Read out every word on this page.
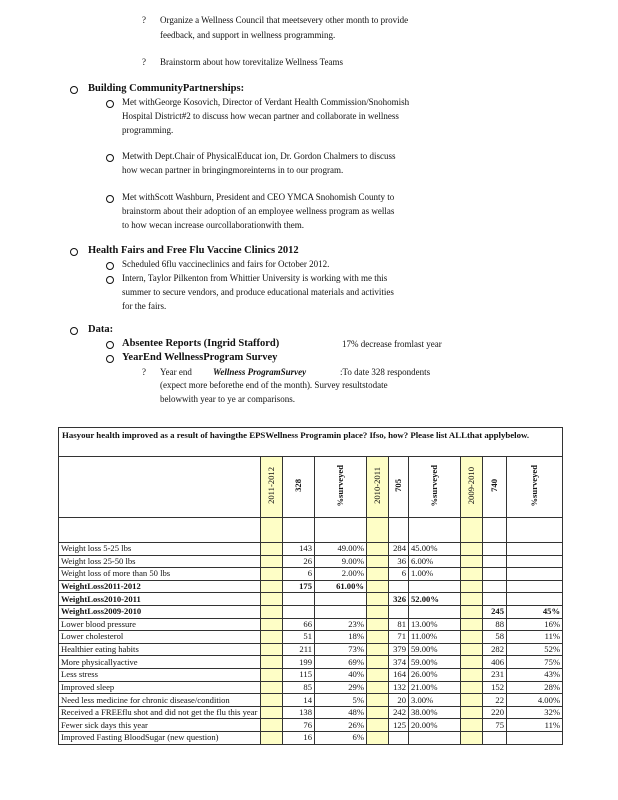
? Organize a Wellness Council that meetsevery other month to provide
feedback, and support in wellness programming.
? Brainstorm about how torevitalize Wellness Teams
Building CommunityPartnerships:
Met withGeorge Kosovich, Director of Verdant Health Commission/Snohomish
Hospital District#2 to discuss how wecan partner and collaborate in wellness
programming.
Metwith Dept.Chair of PhysicalEducat ion, Dr. Gordon Chalmers to discuss
how wecan partner in bringingmoreinterns in to our program.
Met withScott Washburn, President and CEO YMCA Snohomish County to
brainstorm about their adoption of an employee wellness program as wellas
to how wecan increase ourcollaborationwith them.
Health Fairs and Free Flu Vaccine Clinics 2012
Scheduled 6flu vaccineclinics and fairs for October 2012.
Intern, Taylor Pilkenton from Whittier University is working with me this
summer to secure vendors, and produce educational materials and activities
for the fairs.
Data:
Absentee Reports (Ingrid Stafford)	17% decrease fromlast year
YearEnd WellnessProgram Survey
? Year end Wellness ProgramSurvey	:To date 328 respondents
(expect more beforethe end of the month). Survey resultstodate
belowwith year to ye ar comparisons.
Hasyour health improved as a result of havingthe EPSWellness Programin place? Ifso, how? Please list ALLthat applybelow.									
	2011-2012	328	%surveyed	2010-2011	705	%surveyed	2009-2010	740	%surveyed

Weight loss 5-25 lbs		143	49.00%		284	45.00%			
Weight loss 25-50 lbs		26	9.00%		36	6.00%			
Weight loss of more than 50 lbs		6	2.00%		6	1.00%			
WeightLoss2011-2012		175	61.00%						
WeightLoss2010-2011					326	52.00%			
WeightLoss2009-2010								245	45%
Lower blood pressure		66	23%		81	13.00%		88	16%
Lower cholesterol		51	18%		71	11.00%		58	11%
Healthier eating habits		211	73%		379	59.00%		282	52%
More physicallyactive		199	69%		374	59.00%		406	75%
Less stress		115	40%		164	26.00%		231	43%
Improved sleep		85	29%		132	21.00%		152	28%
Need less medicine for chronic disease/condition		14	5%		20	3.00%		22	4.00%
Received a FREEflu shot and did not get the flu this year		138	48%		242	38.00%		220	32%
Fewer sick days this year		76	26%		125	20.00%		75	11%
Improved Fasting BloodSugar (new question)		16	6%						
